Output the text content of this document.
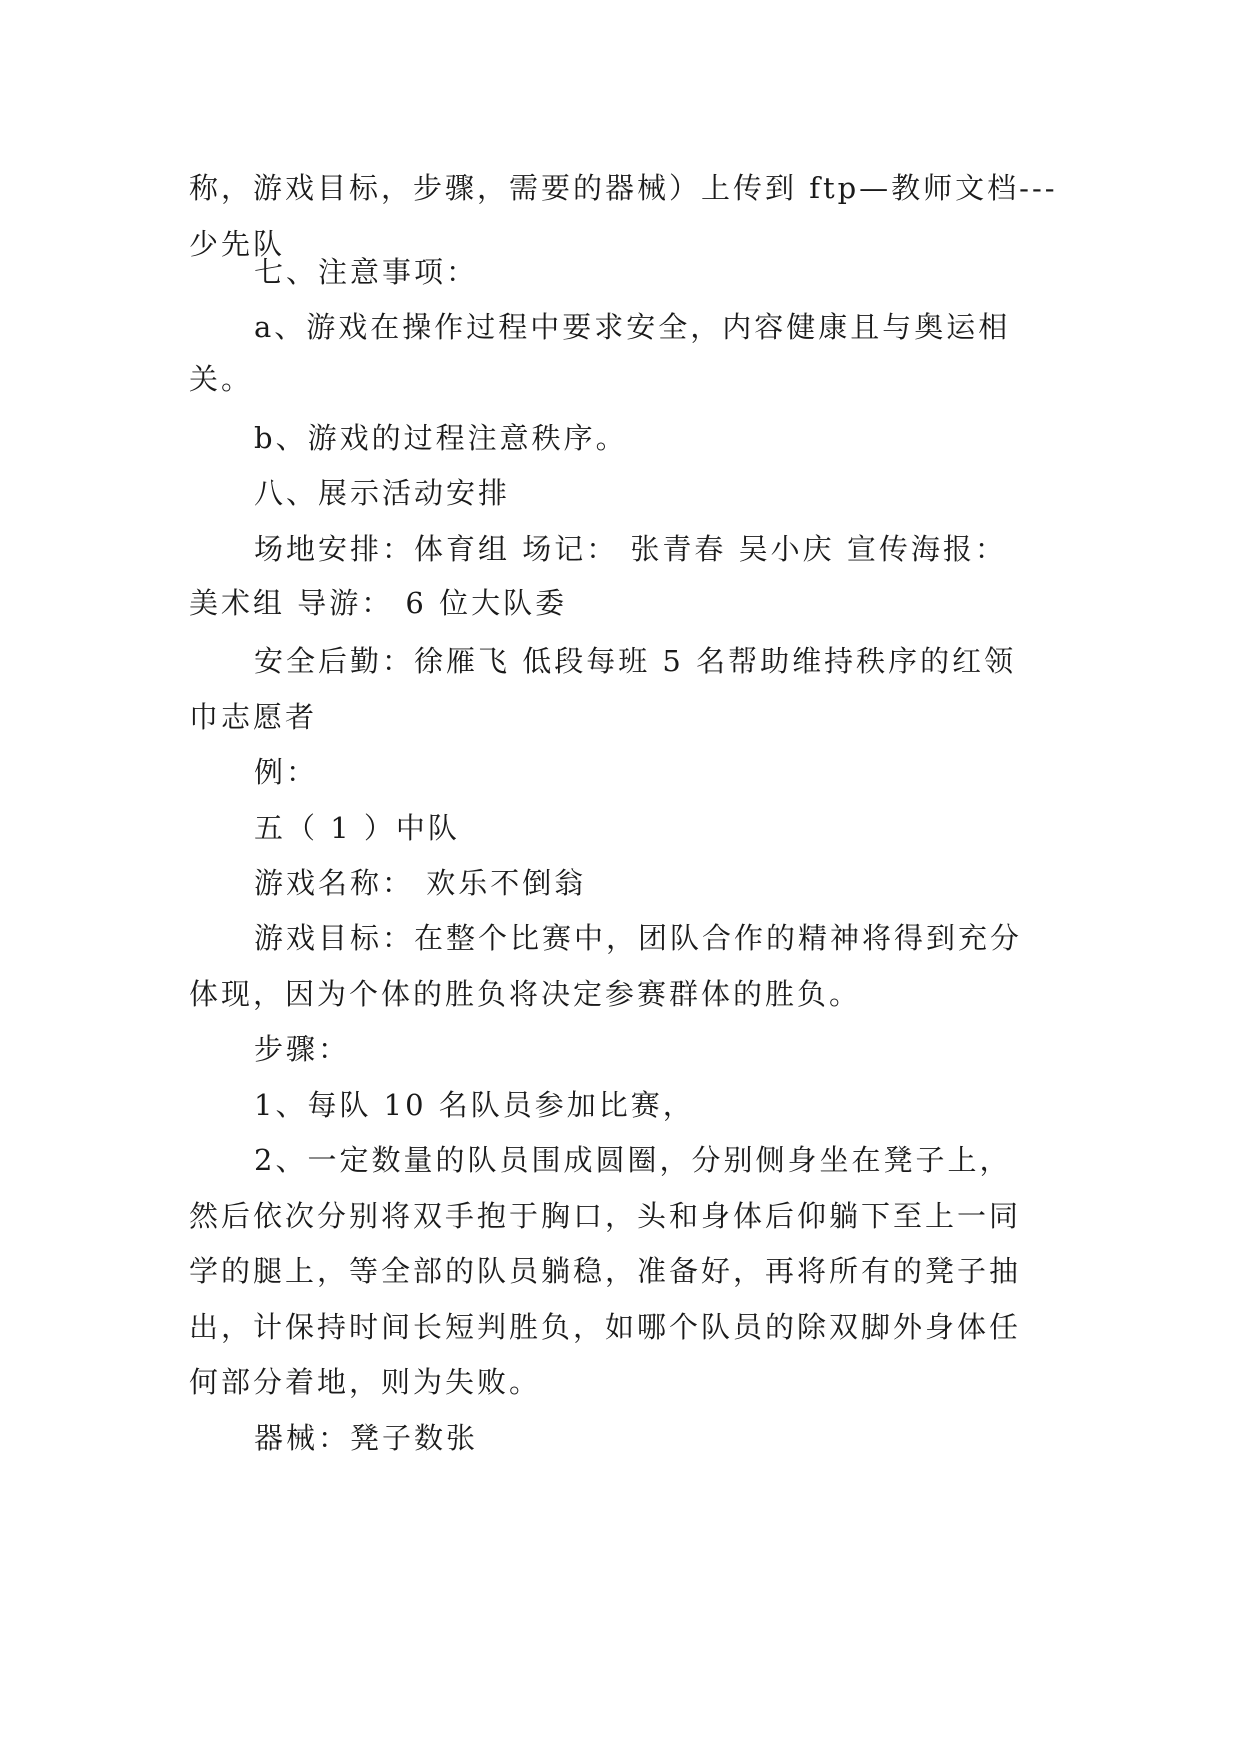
称，游戏目标，步骤，需要的器械）上传到 ftp—教师文档---
少先队
七、注意事项：
a、游戏在操作过程中要求安全，内容健康且与奥运相
关。
b、游戏的过程注意秩序。
八、展示活动安排
场地安排：体育组 场记： 张青春 吴小庆 宣传海报：
美术组 导游： 6 位大队委
安全后勤：徐雁飞 低段每班 5 名帮助维持秩序的红领
巾志愿者
例：
五（ 1 ）中队
游戏名称： 欢乐不倒翁
游戏目标：在整个比赛中，团队合作的精神将得到充分
体现，因为个体的胜负将决定参赛群体的胜负。
步骤：
1、每队 10 名队员参加比赛，
2、一定数量的队员围成圆圈，分别侧身坐在凳子上，
然后依次分别将双手抱于胸口，头和身体后仰躺下至上一同
学的腿上，等全部的队员躺稳，准备好，再将所有的凳子抽
出，计保持时间长短判胜负，如哪个队员的除双脚外身体任
何部分着地，则为失败。
器械：凳子数张
